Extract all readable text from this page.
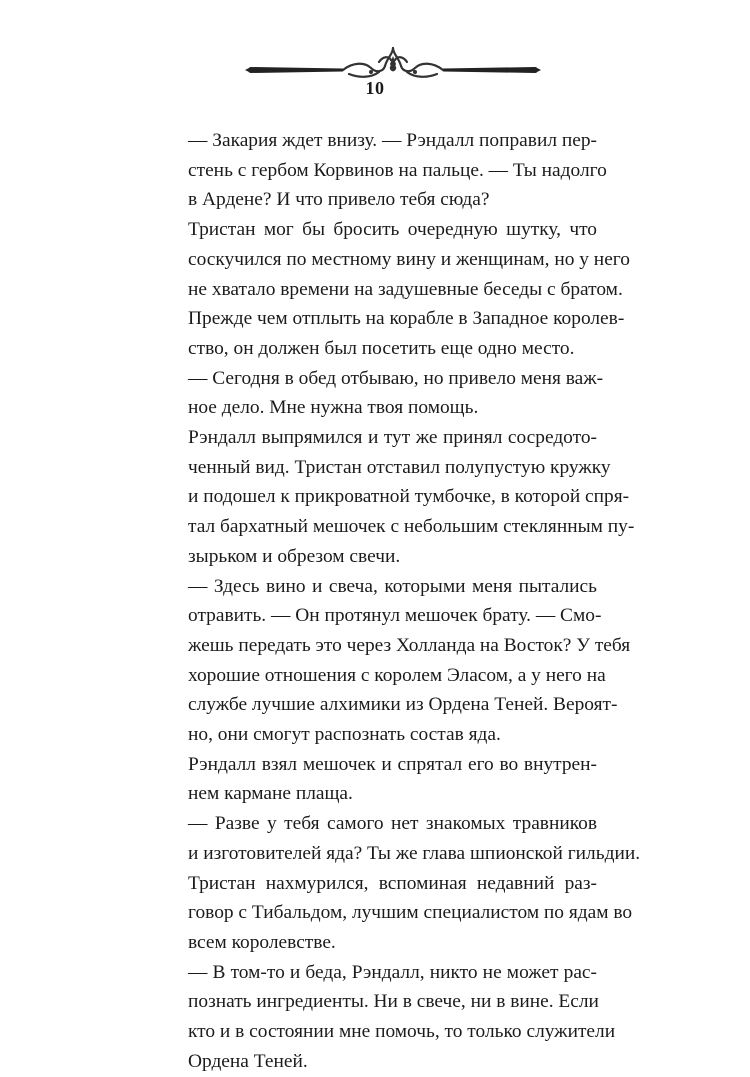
10
— Закария ждет внизу. — Рэндалл поправил пер-
стень с гербом Корвинов на пальце. — Ты надолго
в Ардене? И что привело тебя сюда?
Тристан мог бы бросить очередную шутку, что
соскучился по местному вину и женщинам, но у него
не хватало времени на задушевные беседы с братом.
Прежде чем отплыть на корабле в Западное королев-
ство, он должен был посетить еще одно место.
— Сегодня в обед отбываю, но привело меня важ-
ное дело. Мне нужна твоя помощь.
Рэндалл выпрямился и тут же принял сосредото-
ченный вид. Тристан отставил полупустую кружку
и подошел к прикроватной тумбочке, в которой спря-
тал бархатный мешочек с небольшим стеклянным пу-
зырьком и обрезом свечи.
— Здесь вино и свеча, которыми меня пытались
отравить. — Он протянул мешочек брату. — Смо-
жешь передать это через Холланда на Восток? У тебя
хорошие отношения с королем Эласом, а у него на
службе лучшие алхимики из Ордена Теней. Вероят-
но, они смогут распознать состав яда.
Рэндалл взял мешочек и спрятал его во внутрен-
нем кармане плаща.
— Разве у тебя самого нет знакомых травников
и изготовителей яда? Ты же глава шпионской гильдии.
Тристан нахмурился, вспоминая недавний раз-
говор с Тибальдом, лучшим специалистом по ядам во
всем королевстве.
— В том-то и беда, Рэндалл, никто не может рас-
познать ингредиенты. Ни в свече, ни в вине. Если
кто и в состоянии мне помочь, то только служители
Ордена Теней.
